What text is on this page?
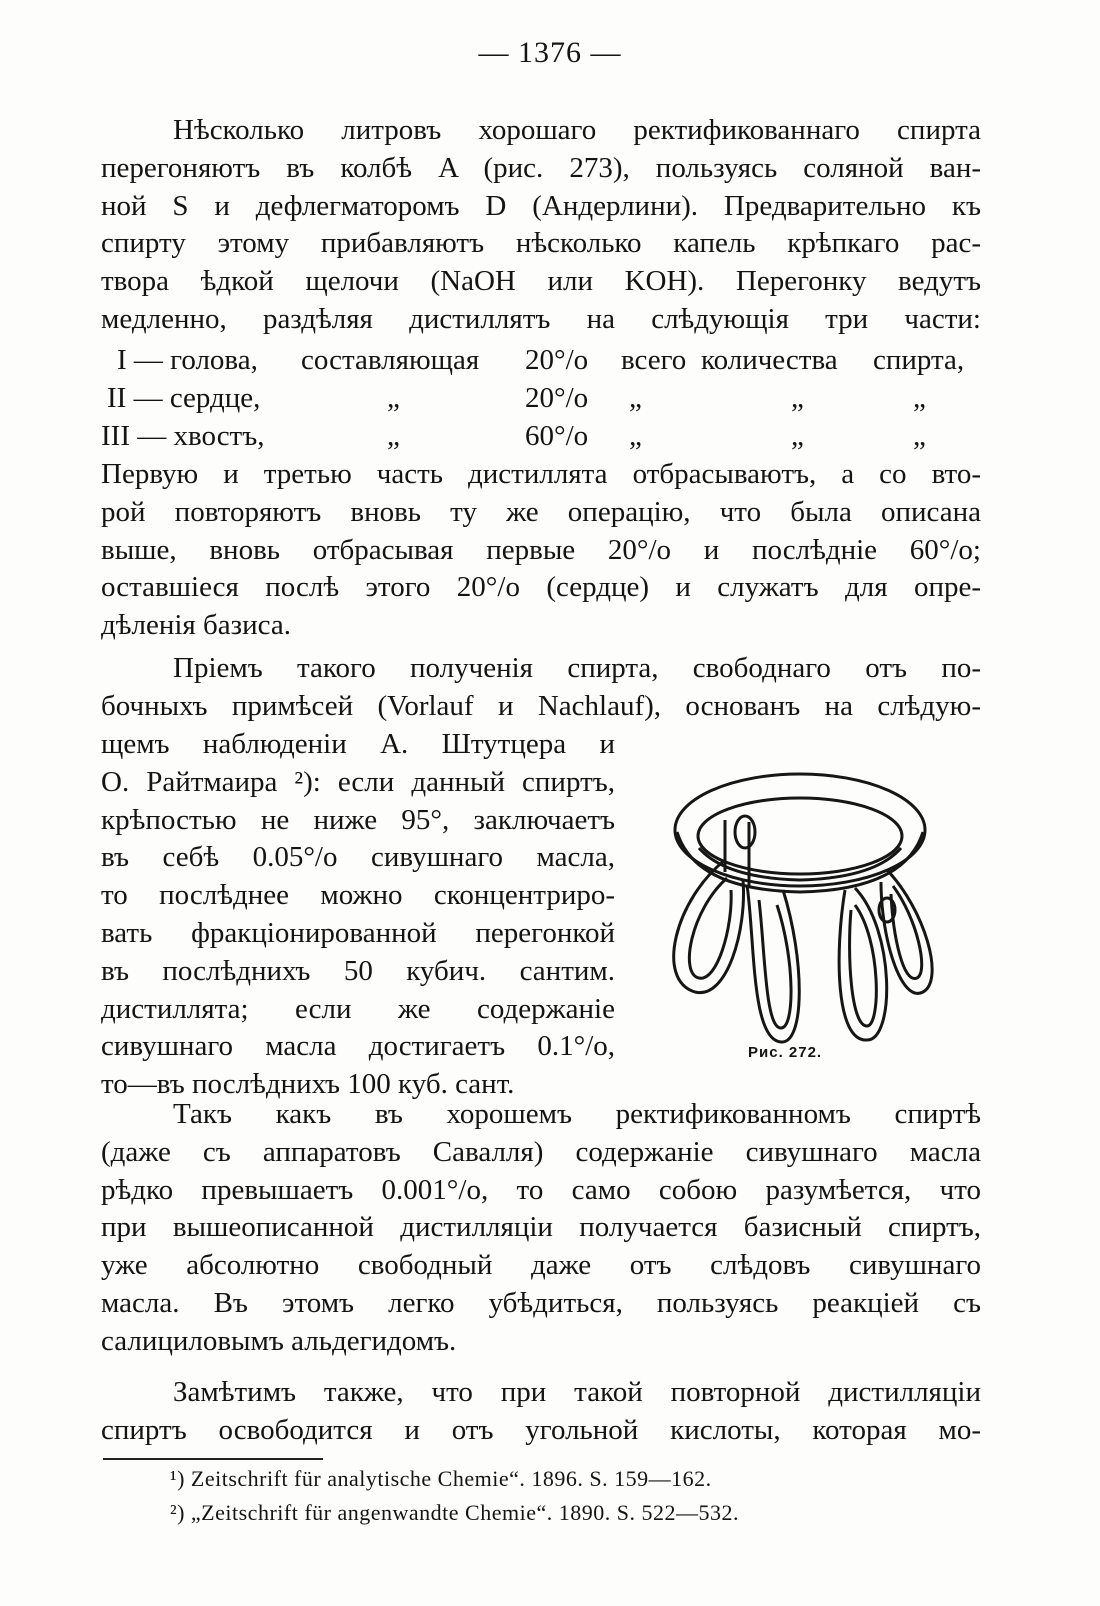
— 1376 —
Нѣсколько литровъ хорошаго ректификованнаго спирта
перегоняютъ въ колбѣ A (рис. 273), пользуясь соляной ван-
ной S и дефлегматоромъ D (Андерлини). Предварительно къ
спирту этому прибавляютъ нѣсколько капель крѣпкаго рас-
твора ѣдкой щелочи (NaOH или KOH). Перегонку ведутъ
медленно, раздѣляя дистиллятъ на слѣдующія три части:
I — голова, составляющая 20°/о всего количества спирта,
II — сердце,	„	20°/о „	„	„
III — хвостъ,	„	60°/о „	„	„
Первую и третью часть дистиллята отбрасываютъ, а со вто-
рой повторяютъ вновь ту же операцію, что была описана
выше, вновь отбрасывая первые 20°/о и послѣдніе 60°/о;
оставшіеся послѣ этого 20°/о (сердце) и служатъ для опре-
дѣленія базиса.
Пріемъ такого полученія спирта, свободнаго отъ по-
бочныхъ примѣсей (Vorlauf и Nachlauf), основанъ на слѣдую-
щемъ наблюденіи А. Штутцера и
О. Райтмаира ²): если данный спиртъ,
крѣпостью не ниже 95°, заключаетъ
въ себѣ 0.05°/о сивушнаго масла,
то послѣднее можно сконцентриро-
вать фракціонированной перегонкой
въ послѣднихъ 50 кубич. сантим.
дистиллята; если же содержаніе
сивушнаго масла достигаетъ 0.1°/о,
то—въ послѣднихъ 100 куб. сант.
Рис. 272.
Такъ какъ въ хорошемъ ректификованномъ спиртѣ
(даже съ аппаратовъ Савалля) содержаніе сивушнаго масла
рѣдко превышаетъ 0.001°/о, то само собою разумѣется, что
при вышеописанной дистилляціи получается базисный спиртъ,
уже абсолютно свободный даже отъ слѣдовъ сивушнаго
масла. Въ этомъ легко убѣдиться, пользуясь реакціей съ
салициловымъ альдегидомъ.
Замѣтимъ также, что при такой повторной дистилляціи
спиртъ освободится и отъ угольной кислоты, которая мо-
¹) Zeitschrift für analytische Chemie“. 1896. S. 159—162.
²) „Zeitschrift für angenwandte Chemie“. 1890. S. 522—532.
